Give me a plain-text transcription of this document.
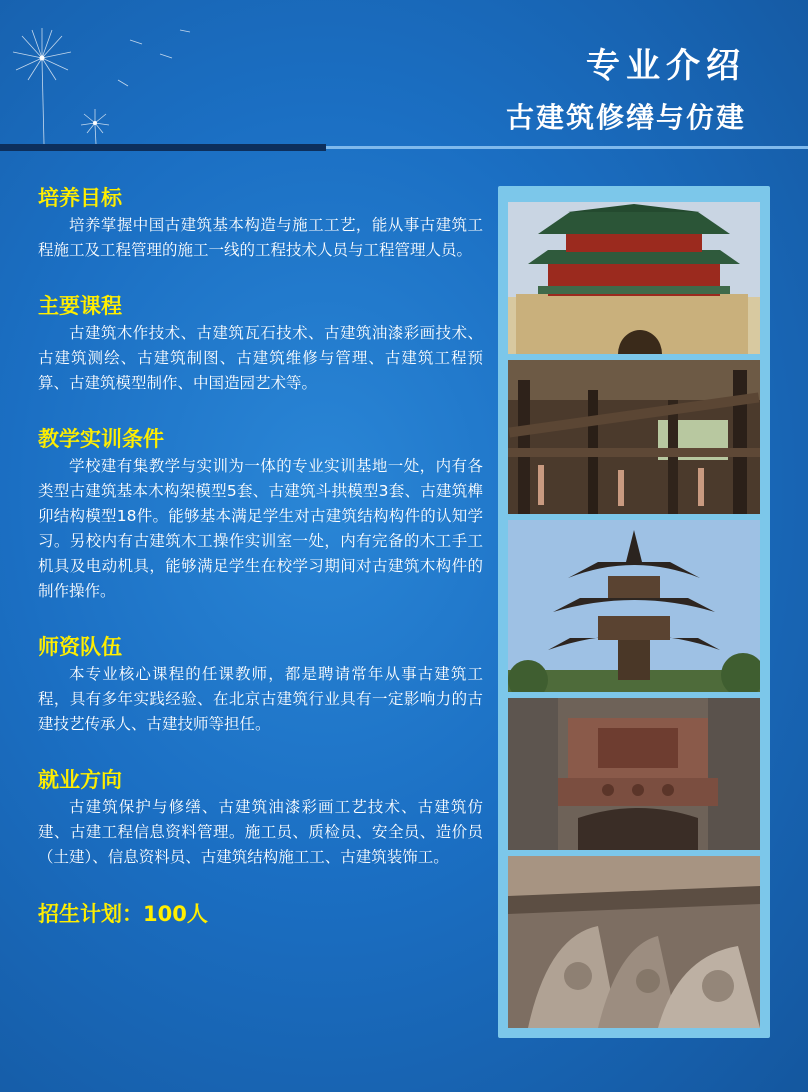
专业介绍
古建筑修缮与仿建
​
培养目标

培养掌握中国古建筑基本构造与施工工艺，能从事古建筑工程施工及工程管理的施工一线的工程技术人员与工程管理人员。

主要课程

古建筑木作技术、古建筑瓦石技术、古建筑油漆彩画技术、古建筑测绘、古建筑制图、古建筑维修与管理、古建筑工程预算、古建筑模型制作、中国造园艺术等。

教学实训条件

学校建有集教学与实训为一体的专业实训基地一处，内有各类型古建筑基本木构架模型5套、古建筑斗拱模型3套、古建筑榫卯结构模型18件。能够基本满足学生对古建筑结构构件的认知学习。另校内有古建筑木工操作实训室一处，内有完备的木工手工机具及电动机具，能够满足学生在校学习期间对古建筑木构件的制作操作。

师资队伍

本专业核心课程的任课教师，都是聘请常年从事古建筑工程，具有多年实践经验、在北京古建筑行业具有一定影响力的古建技艺传承人、古建技师等担任。

就业方向

古建筑保护与修缮、古建筑油漆彩画工艺技术、古建筑仿建、古建工程信息资料管理。施工员、质检员、安全员、造价员（土建）、信息资料员、古建筑结构施工工、古建筑装饰工。

招生计划：100人
